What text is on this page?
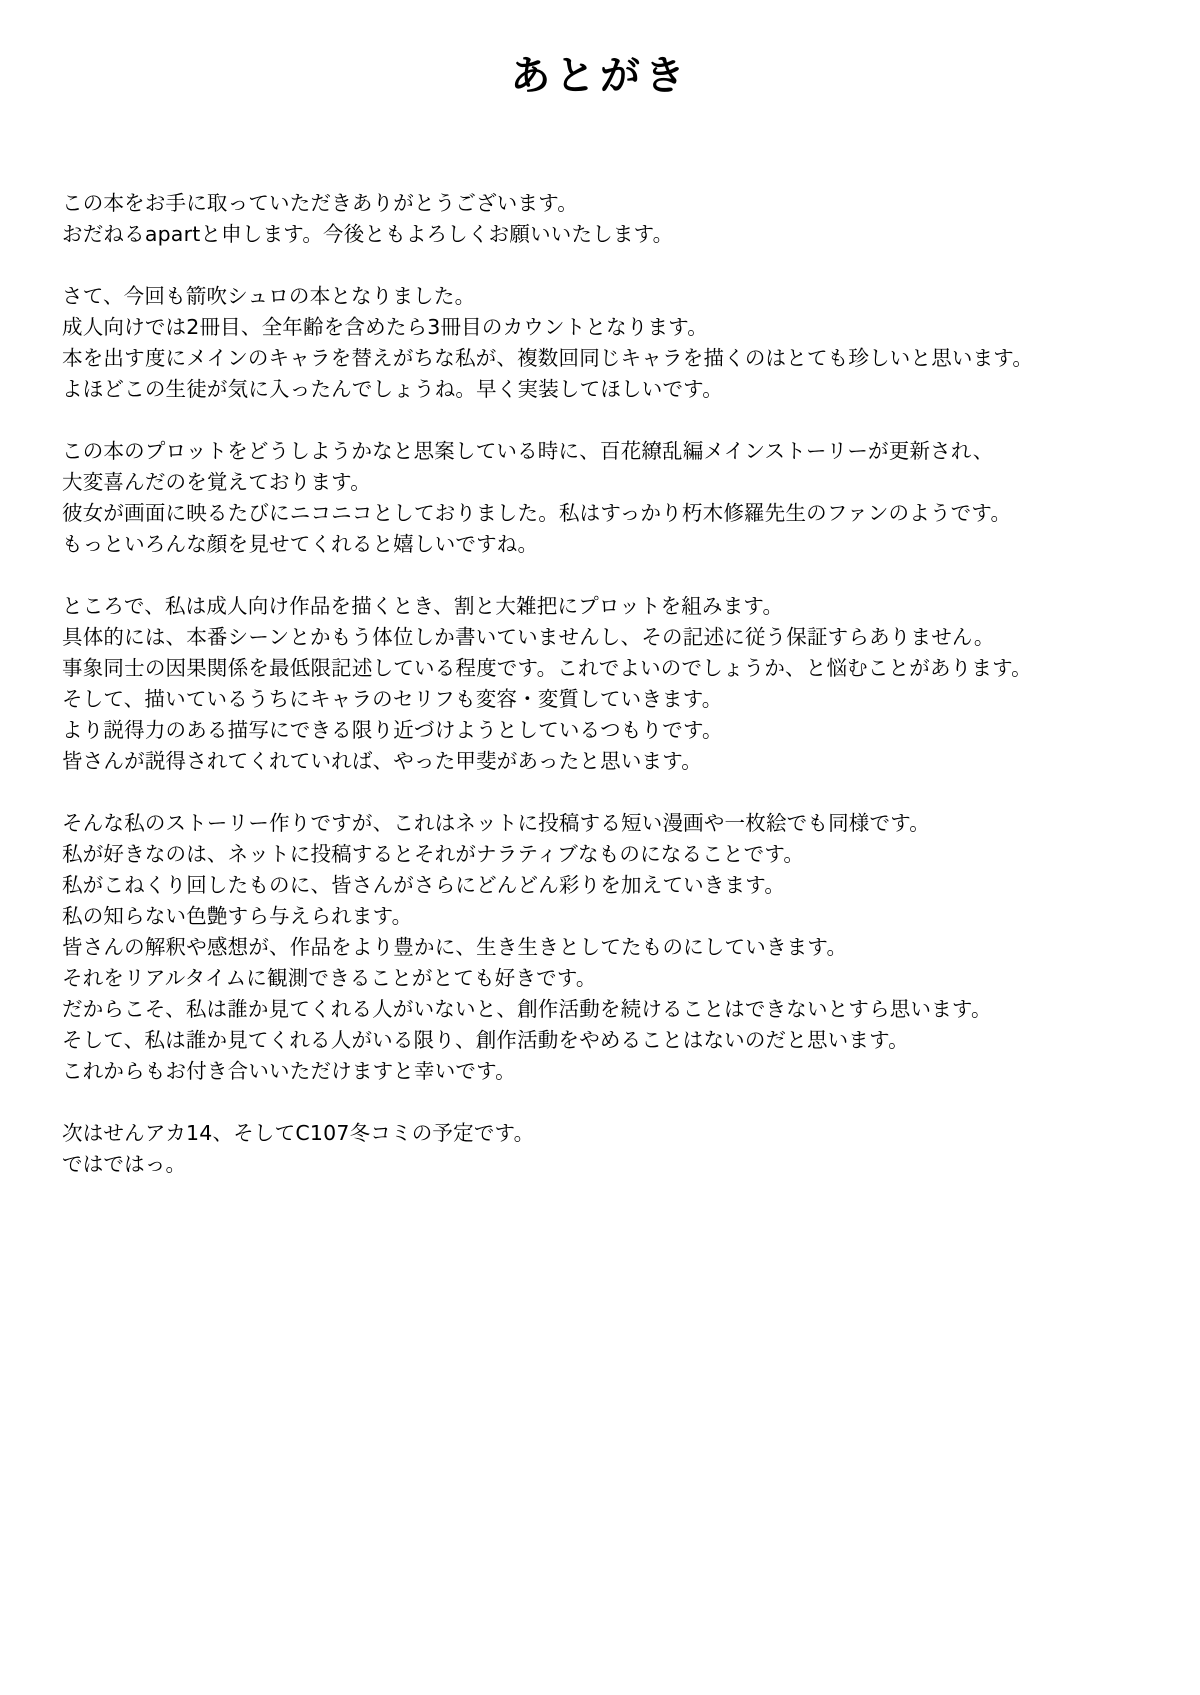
あとがき
この本をお手に取っていただきありがとうございます。
おだねるapartと申します。今後ともよろしくお願いいたします。
さて、今回も箭吹シュロの本となりました。
成人向けでは2冊目、全年齢を含めたら3冊目のカウントとなります。
本を出す度にメインのキャラを替えがちな私が、複数回同じキャラを描くのはとても珍しいと思います。
よほどこの生徒が気に入ったんでしょうね。早く実装してほしいです。
この本のプロットをどうしようかなと思案している時に、百花繚乱編メインストーリーが更新され、
大変喜んだのを覚えております。
彼女が画面に映るたびにニコニコとしておりました。私はすっかり朽木修羅先生のファンのようです。
もっといろんな顔を見せてくれると嬉しいですね。
ところで、私は成人向け作品を描くとき、割と大雑把にプロットを組みます。
具体的には、本番シーンとかもう体位しか書いていませんし、その記述に従う保証すらありません。
事象同士の因果関係を最低限記述している程度です。これでよいのでしょうか、と悩むことがあります。
そして、描いているうちにキャラのセリフも変容・変質していきます。
より説得力のある描写にできる限り近づけようとしているつもりです。
皆さんが説得されてくれていれば、やった甲斐があったと思います。
そんな私のストーリー作りですが、これはネットに投稿する短い漫画や一枚絵でも同様です。
私が好きなのは、ネットに投稿するとそれがナラティブなものになることです。
私がこねくり回したものに、皆さんがさらにどんどん彩りを加えていきます。
私の知らない色艶すら与えられます。
皆さんの解釈や感想が、作品をより豊かに、生き生きとしてたものにしていきます。
それをリアルタイムに観測できることがとても好きです。
だからこそ、私は誰か見てくれる人がいないと、創作活動を続けることはできないとすら思います。
そして、私は誰か見てくれる人がいる限り、創作活動をやめることはないのだと思います。
これからもお付き合いいただけますと幸いです。
次はせんアカ14、そしてC107冬コミの予定です。
ではではっ。
